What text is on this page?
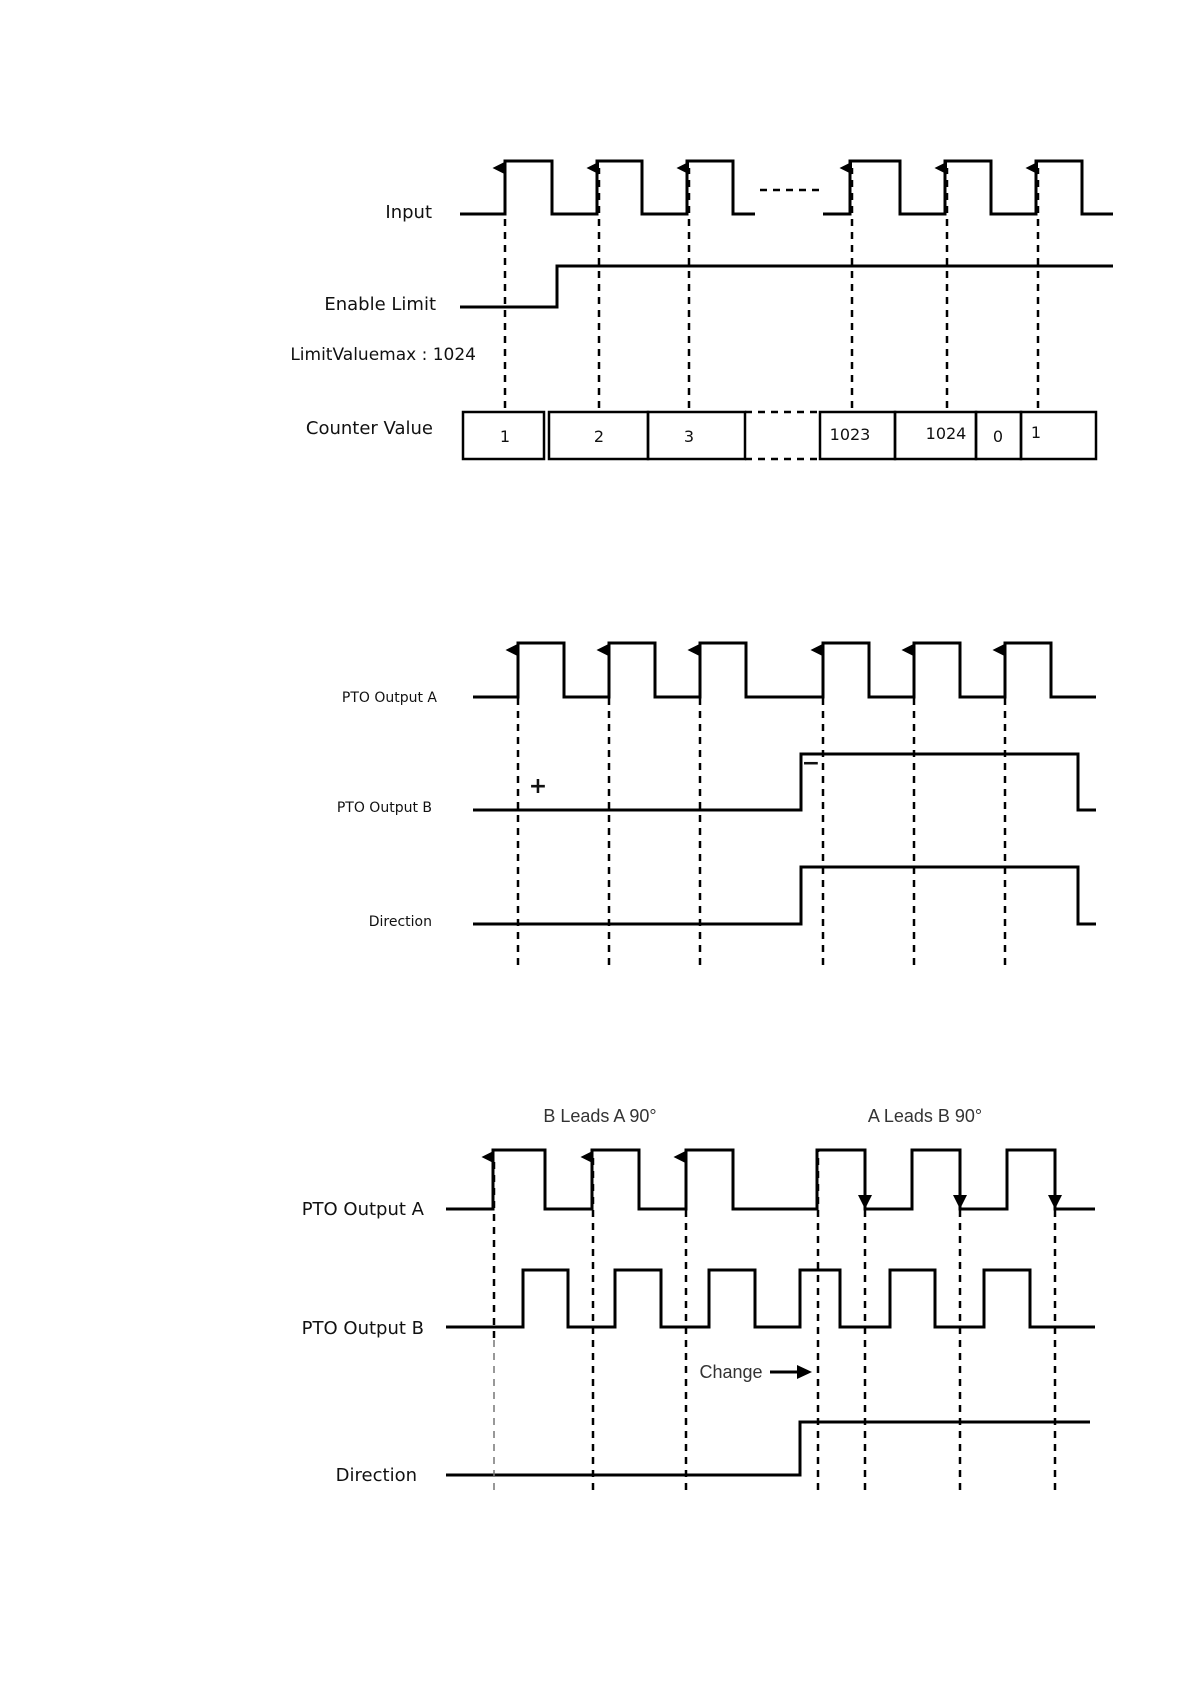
Input
Enable Limit
LimitValuemax : 1024
Counter Value	1	2	3	1023	1024 0 1
PTO Output A
PTO Output B
Direction
+
−
B Leads A 90°	A Leads B 90°
PTO Output A
PTO Output B
Direction
Change
